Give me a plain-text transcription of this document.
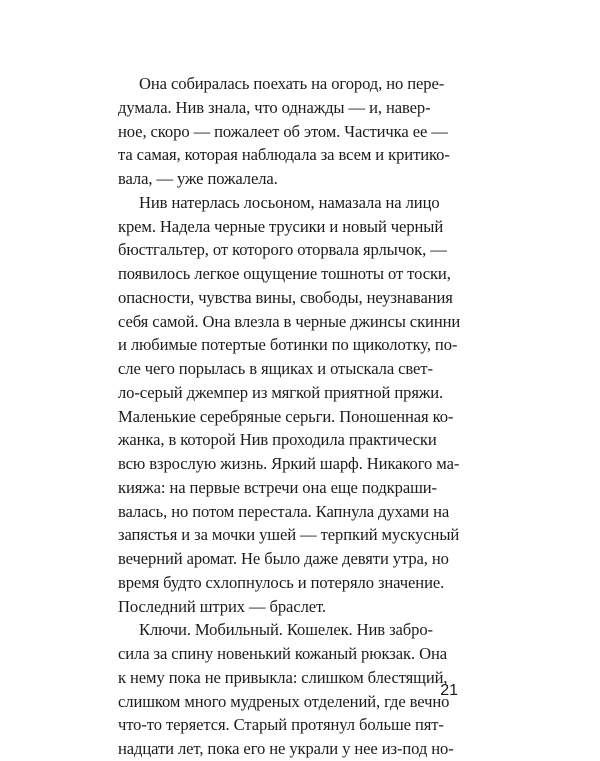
Она собиралась поехать на огород, но пере-
думала. Нив знала, что однажды — и, навер-
ное, скоро — пожалеет об этом. Частичка ее —
та самая, которая наблюдала за всем и критико-
вала, — уже пожалела.
Нив натерлась лосьоном, намазала на лицо
крем. Надела черные трусики и новый черный
бюстгальтер, от которого оторвала ярлычок, —
появилось легкое ощущение тошноты от тоски,
опасности, чувства вины, свободы, неузнавания
себя самой. Она влезла в черные джинсы скинни
и любимые потертые ботинки по щиколотку, по-
сле чего порылась в ящиках и отыскала свет-
ло-серый джемпер из мягкой приятной пряжи.
Маленькие серебряные серьги. Поношенная ко-
жанка, в которой Нив проходила практически
всю взрослую жизнь. Яркий шарф. Никакого ма-
кияжа: на первые встречи она еще подкраши-
валась, но потом перестала. Капнула духами на
запястья и за мочки ушей — терпкий мускусный
вечерний аромат. Не было даже девяти утра, но
время будто схлопнулось и потеряло значение.
Последний штрих — браслет.
Ключи. Мобильный. Кошелек. Нив забро-
сила за спину новенький кожаный рюкзак. Она
к нему пока не привыкла: слишком блестящий,
слишком много мудреных отделений, где вечно
что-то теряется. Старый протянул больше пят-
надцати лет, пока его не украли у нее из-под но-
21
